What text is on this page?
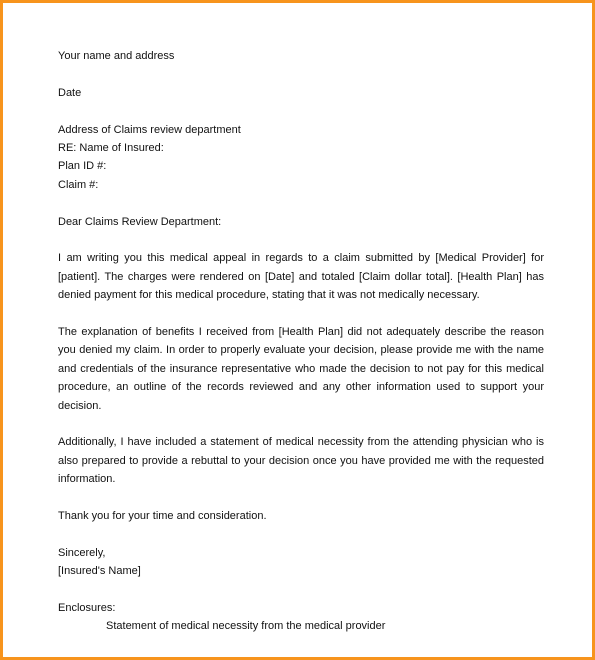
Your name and address
Date
Address of Claims review department
RE: Name of Insured:
Plan ID #:
Claim #:
Dear Claims Review Department:
I am writing you this medical appeal in regards to a claim submitted by [Medical Provider] for [patient]. The charges were rendered on [Date] and totaled [Claim dollar total]. [Health Plan] has denied payment for this medical procedure, stating that it was not medically necessary.
The explanation of benefits I received from [Health Plan] did not adequately describe the reason you denied my claim. In order to properly evaluate your decision, please provide me with the name and credentials of the insurance representative who made the decision to not pay for this medical procedure, an outline of the records reviewed and any other information used to support your decision.
Additionally, I have included a statement of medical necessity from the attending physician who is also prepared to provide a rebuttal to your decision once you have provided me with the requested information.
Thank you for your time and consideration.
Sincerely,
[Insured's Name]
Enclosures:
Statement of medical necessity from the medical provider
